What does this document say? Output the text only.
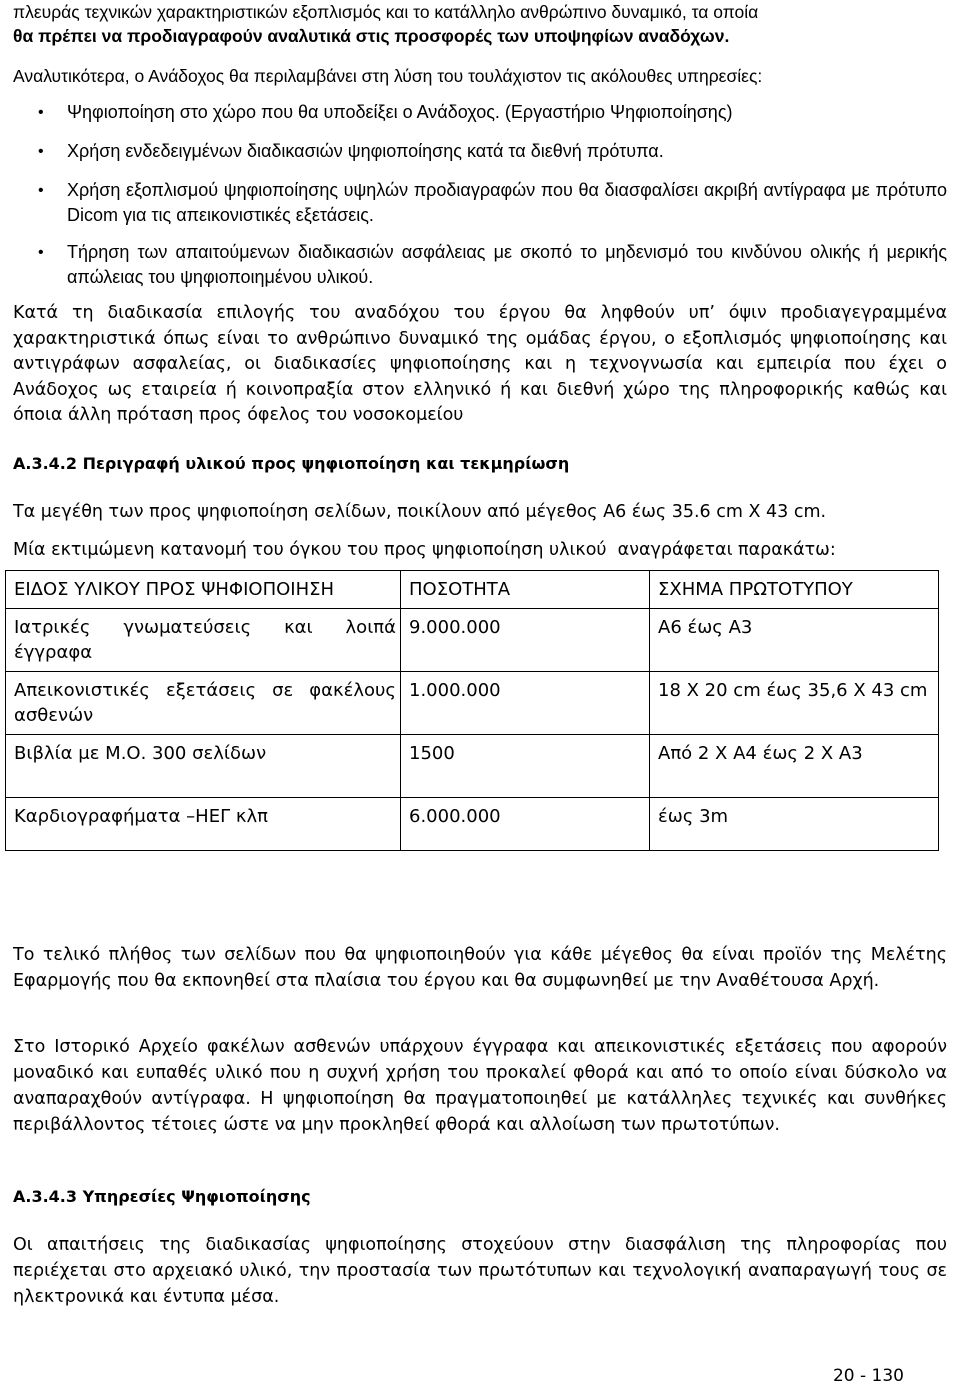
πλευράς τεχνικών χαρακτηριστικών εξοπλισμός και το κατάλληλο ανθρώπινο δυναμικό, τα οποία

θα πρέπει να προδιαγραφούν αναλυτικά στις προσφορές των υποψηφίων αναδόχων.

Αναλυτικότερα, ο Ανάδοχος θα περιλαμβάνει στη λύση του τουλάχιστον τις ακόλουθες υπηρεσίες:

• Ψηφιοποίηση στο χώρο που θα υποδείξει ο Ανάδοχος. (Εργαστήριο Ψηφιοποίησης)
• Χρήση ενδεδειγμένων διαδικασιών ψηφιοποίησης κατά τα διεθνή πρότυπα.
• Χρήση εξοπλισμού ψηφιοποίησης υψηλών προδιαγραφών που θα διασφαλίσει ακριβή αντίγραφα με πρότυπο Dicom για τις απεικονιστικές εξετάσεις.
• Τήρηση των απαιτούμενων διαδικασιών ασφάλειας με σκοπό το μηδενισμό του κινδύνου ολικής ή μερικής απώλειας του ψηφιοποιημένου υλικού.

Κατά τη διαδικασία επιλογής του αναδόχου του έργου θα ληφθούν υπ’ όψιν προδιαγεγραμμένα χαρακτηριστικά όπως είναι το ανθρώπινο δυναμικό της ομάδας έργου, ο εξοπλισμός ψηφιοποίησης και αντιγράφων ασφαλείας, οι διαδικασίες ψηφιοποίησης και η τεχνογνωσία και εμπειρία που έχει ο Ανάδοχος ως εταιρεία ή κοινοπραξία στον ελληνικό ή και διεθνή χώρο της πληροφορικής καθώς και όποια άλλη πρόταση προς όφελος του νοσοκομείου

Α.3.4.2 Περιγραφή υλικού προς ψηφιοποίηση και τεκμηρίωση

Τα μεγέθη των προς ψηφιοποίηση σελίδων, ποικίλουν από μέγεθος Α6 έως 35.6 cm X 43 cm.

Μία εκτιμώμενη κατανομή του όγκου του προς ψηφιοποίηση υλικού  αναγράφεται παρακάτω:

ΕΙΔΟΣ ΥΛΙΚΟΥ ΠΡΟΣ ΨΗΦΙΟΠΟΙΗΣΗ	ΠΟΣΟΤΗΤΑ	ΣΧΗΜΑ ΠΡΩΤΟΤΥΠΟΥ
Ιατρικές γνωματεύσεις και λοιπά έγγραφα	9.000.000	Α6 έως Α3
Απεικονιστικές εξετάσεις σε φακέλους ασθενών	1.000.000	18 Χ 20 cm έως 35,6 Χ 43 cm
Βιβλία με Μ.Ο. 300 σελίδων	1500	Από 2 Χ Α4 έως 2 Χ Α3
Καρδιογραφήματα –ΗΕΓ κλπ	6.000.000	έως 3m

Το τελικό πλήθος των σελίδων που θα ψηφιοποιηθούν για κάθε μέγεθος θα είναι προϊόν της Μελέτης Εφαρμογής που θα εκπονηθεί στα πλαίσια του έργου και θα συμφωνηθεί με την Αναθέτουσα Αρχή.

Στο Ιστορικό Αρχείο φακέλων ασθενών υπάρχουν έγγραφα και απεικονιστικές εξετάσεις που αφορούν μοναδικό και ευπαθές υλικό που η συχνή χρήση του προκαλεί φθορά και από το οποίο είναι δύσκολο να αναπαραχθούν αντίγραφα. Η ψηφιοποίηση θα πραγματοποιηθεί με κατάλληλες τεχνικές και συνθήκες περιβάλλοντος τέτοιες ώστε να μην προκληθεί φθορά και αλλοίωση των πρωτοτύπων.

Α.3.4.3 Υπηρεσίες Ψηφιοποίησης

Οι απαιτήσεις της διαδικασίας ψηφιοποίησης στοχεύουν στην διασφάλιση της πληροφορίας που περιέχεται στο αρχειακό υλικό, την προστασία των πρωτότυπων και τεχνολογική αναπαραγωγή τους σε ηλεκτρονικά και έντυπα μέσα.

20 - 130
